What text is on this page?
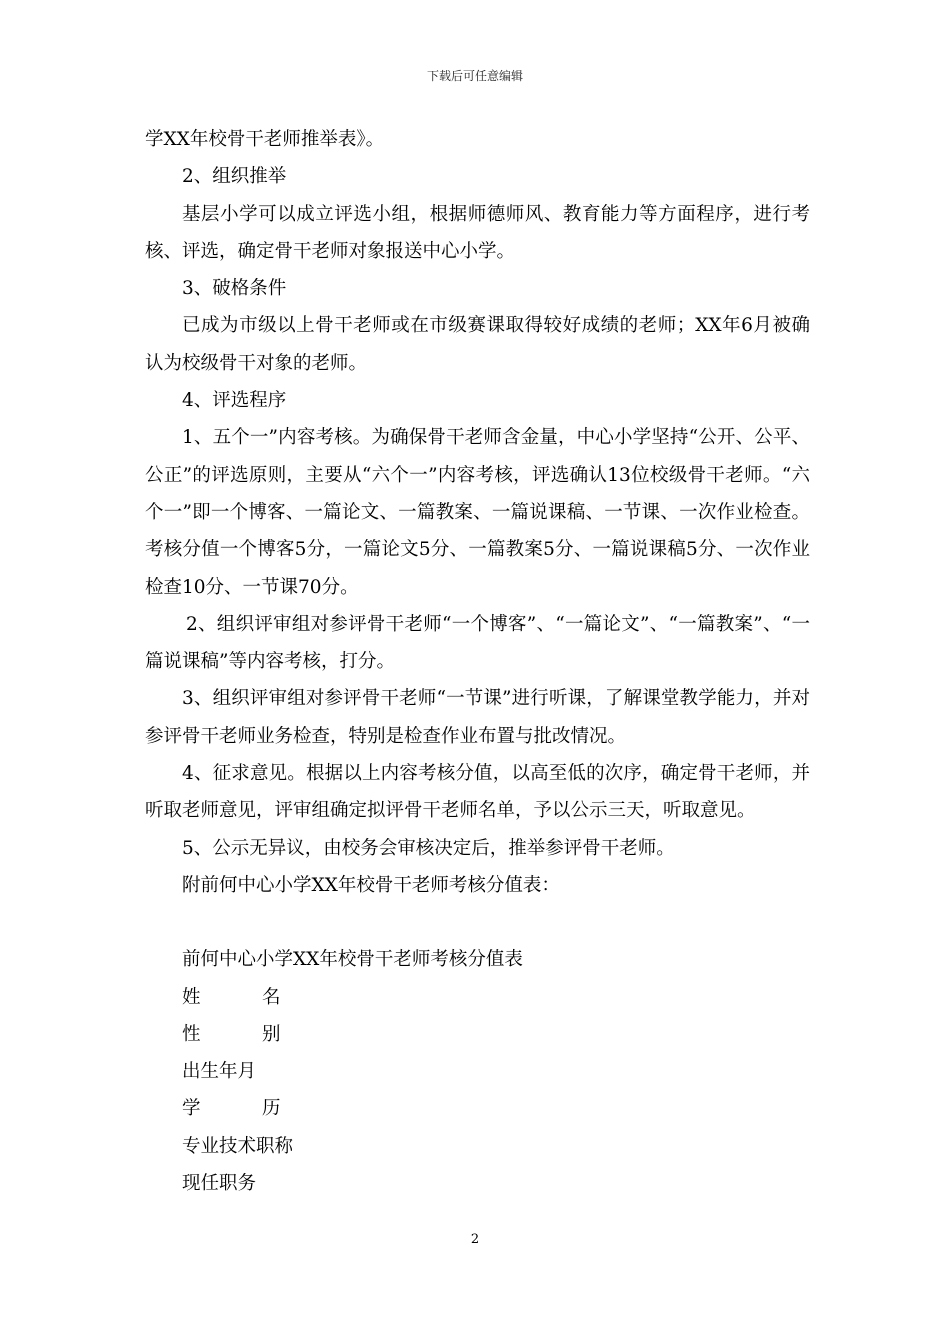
下载后可任意编辑

学XX年校骨干老师推举表》。

2、组织推举

基层小学可以成立评选小组，根据师德师风、教育能力等方面程序，进行考核、评选，确定骨干老师对象报送中心小学。

3、破格条件

已成为市级以上骨干老师或在市级赛课取得较好成绩的老师；XX年6月被确认为校级骨干对象的老师。

4、评选程序

1、五个一”内容考核。为确保骨干老师含金量，中心小学坚持“公开、公平、公正”的评选原则，主要从“六个一”内容考核，评选确认13位校级骨干老师。“六个一”即一个博客、一篇论文、一篇教案、一篇说课稿、一节课、一次作业检查。考核分值一个博客5分，一篇论文5分、一篇教案5分、一篇说课稿5分、一次作业检查10分、一节课70分。

2、组织评审组对参评骨干老师“一个博客”、“一篇论文”、“一篇教案”、“一篇说课稿”等内容考核，打分。

3、组织评审组对参评骨干老师“一节课”进行听课，了解课堂教学能力，并对参评骨干老师业务检查，特别是检查作业布置与批改情况。

4、征求意见。根据以上内容考核分值，以高至低的次序，确定骨干老师，并听取老师意见，评审组确定拟评骨干老师名单，予以公示三天，听取意见。

5、公示无异议，由校务会审核决定后，推举参评骨干老师。

附前何中心小学XX年校骨干老师考核分值表：

前何中心小学XX年校骨干老师考核分值表

姓	名
性	别
出生年月
学	历
专业技术职称
现任职务
2
